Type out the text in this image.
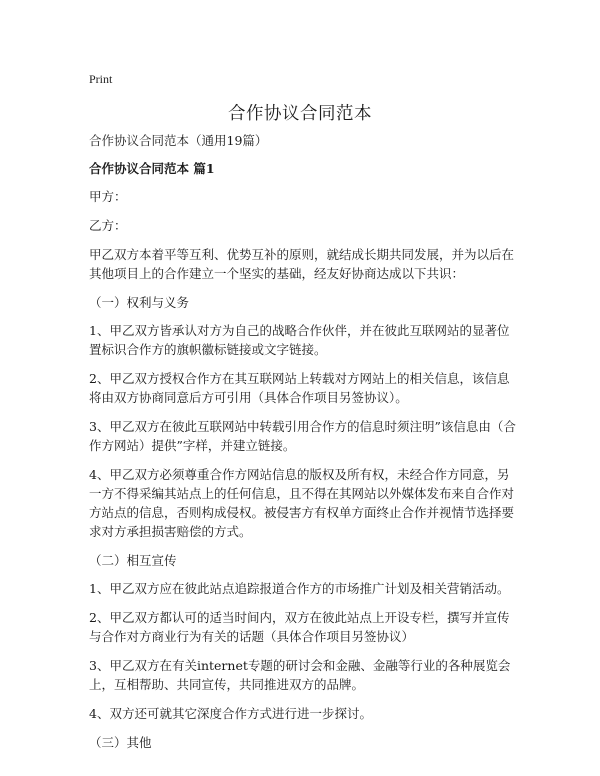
Print
合作协议合同范本

合作协议合同范本（通用19篇）

合作协议合同范本 篇1

甲方：

乙方：

甲乙双方本着平等互利、优势互补的原则，就结成长期共同发展，并为以后在其他项目上的合作建立一个坚实的基础，经友好协商达成以下共识：

（一）权利与义务

1、甲乙双方皆承认对方为自己的战略合作伙伴，并在彼此互联网站的显著位置标识合作方的旗帜徽标链接或文字链接。

2、甲乙双方授权合作方在其互联网站上转载对方网站上的相关信息，该信息将由双方协商同意后方可引用（具体合作项目另签协议）。

3、甲乙双方在彼此互联网站中转载引用合作方的信息时须注明”该信息由（合作方网站）提供”字样，并建立链接。

4、甲乙双方必须尊重合作方网站信息的版权及所有权，未经合作方同意，另一方不得采编其站点上的任何信息，且不得在其网站以外媒体发布来自合作对方站点的信息，否则构成侵权。被侵害方有权单方面终止合作并视情节选择要求对方承担损害赔偿的方式。

（二）相互宣传

1、甲乙双方应在彼此站点追踪报道合作方的市场推广计划及相关营销活动。

2、甲乙双方都认可的适当时间内，双方在彼此站点上开设专栏，撰写并宣传与合作对方商业行为有关的话题（具体合作项目另签协议）

3、甲乙双方在有关internet专题的研讨会和金融、金融等行业的各种展览会上，互相帮助、共同宣传，共同推进双方的品牌。

4、双方还可就其它深度合作方式进行进一步探讨。

（三）其他
